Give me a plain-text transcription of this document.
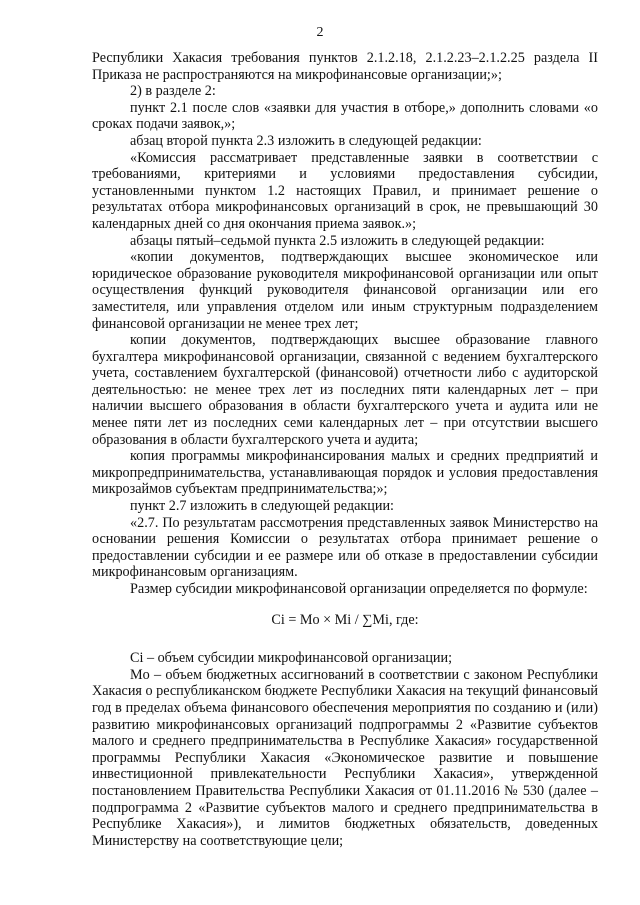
2

Республики Хакасия требования пунктов 2.1.2.18, 2.1.2.23–2.1.2.25 раздела II Приказа не распространяются на микрофинансовые организации;»;

2) в разделе 2:

пункт 2.1 после слов «заявки для участия в отборе,» дополнить словами «о сроках подачи заявок,»;

абзац второй пункта 2.3 изложить в следующей редакции:

«Комиссия рассматривает представленные заявки в соответствии с требованиями, критериями и условиями предоставления субсидии, установленными пунктом 1.2 настоящих Правил, и принимает решение о результатах отбора микрофинансовых организаций в срок, не превышающий 30 календарных дней со дня окончания приема заявок.»;

абзацы пятый–седьмой пункта 2.5 изложить в следующей редакции:

«копии документов, подтверждающих высшее экономическое или юридическое образование руководителя микрофинансовой организации или опыт осуществления функций руководителя финансовой организации или его заместителя, или управления отделом или иным структурным подразделением финансовой организации не менее трех лет;

копии документов, подтверждающих высшее образование главного бухгалтера микрофинансовой организации, связанной с ведением бухгалтерского учета, составлением бухгалтерской (финансовой) отчетности либо с аудиторской деятельностью: не менее трех лет из последних пяти календарных лет – при наличии высшего образования в области бухгалтерского учета и аудита или не менее пяти лет из последних семи календарных лет – при отсутствии высшего образования в области бухгалтерского учета и аудита;

копия программы микрофинансирования малых и средних предприятий и микропредпринимательства, устанавливающая порядок и условия предоставления микрозаймов субъектам предпринимательства;»;

пункт 2.7 изложить в следующей редакции:

«2.7. По результатам рассмотрения представленных заявок Министерство на основании решения Комиссии о результатах отбора принимает решение о предоставлении субсидии и ее размере или об отказе в предоставлении субсидии микрофинансовым организациям.

Размер субсидии микрофинансовой организации определяется по формуле:

Ci = Mo × Mi / ∑Mi, где:

Ci – объем субсидии микрофинансовой организации;

Mo – объем бюджетных ассигнований в соответствии с законом Республики Хакасия о республиканском бюджете Республики Хакасия на текущий финансовый год в пределах объема финансового обеспечения мероприятия по созданию и (или) развитию микрофинансовых организаций подпрограммы 2 «Развитие субъектов малого и среднего предпринимательства в Республике Хакасия» государственной программы Республики Хакасия «Экономическое развитие и повышение инвестиционной привлекательности Республики Хакасия», утвержденной постановлением Правительства Республики Хакасия от 01.11.2016 № 530 (далее – подпрограмма 2 «Развитие субъектов малого и среднего предпринимательства в Республике Хакасия»), и лимитов бюджетных обязательств, доведенных Министерству на соответствующие цели;
